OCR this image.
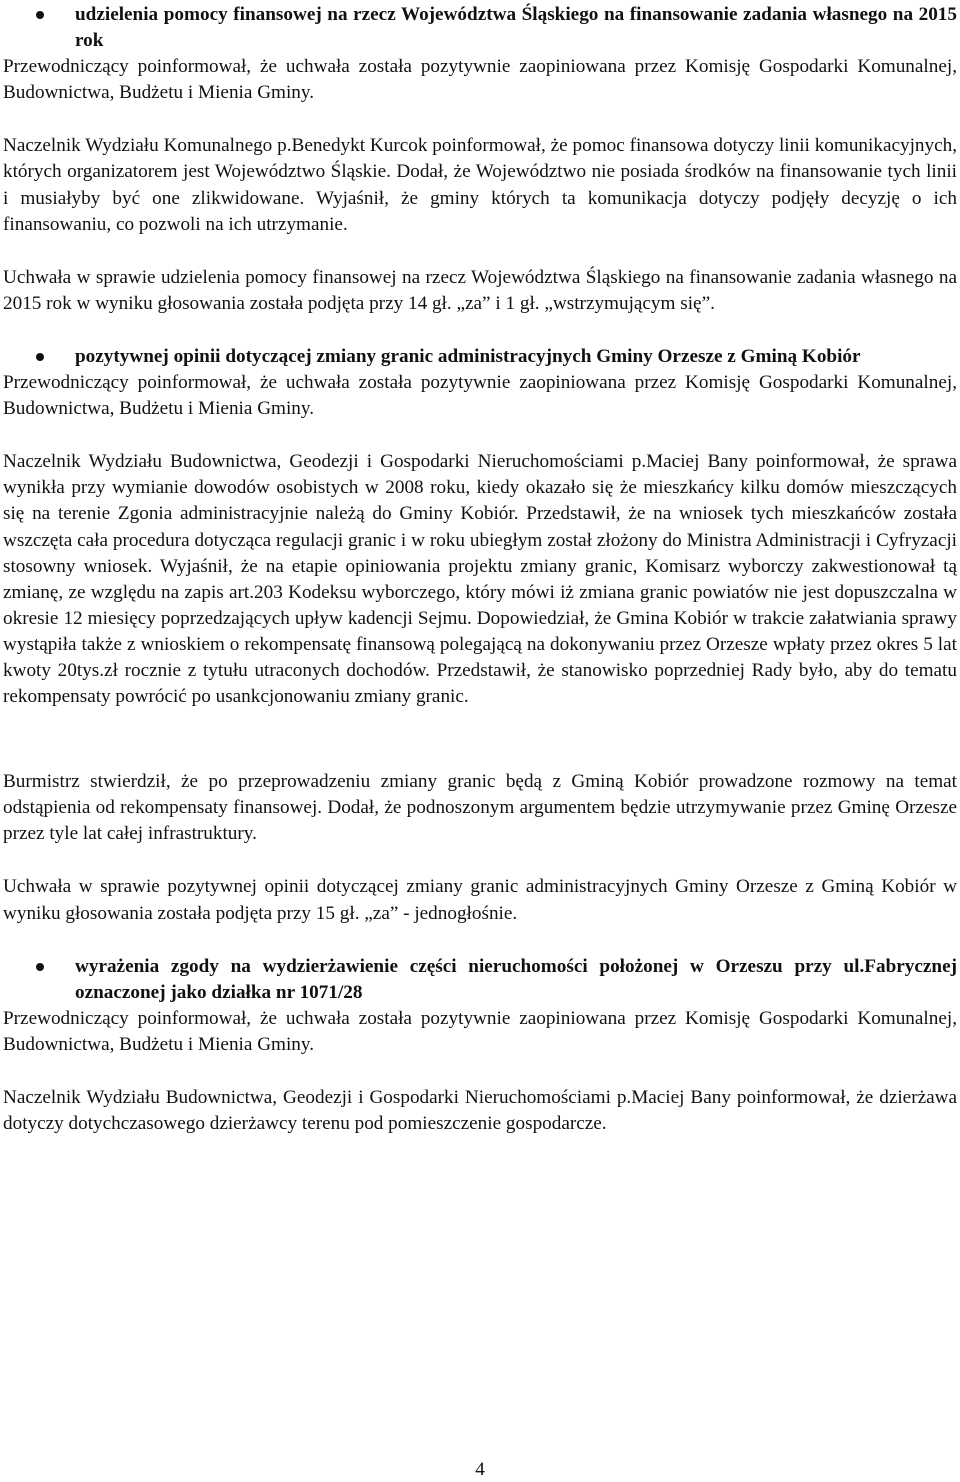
udzielenia pomocy finansowej na rzecz Województwa Śląskiego na finansowanie zadania własnego na 2015 rok

Przewodniczący poinformował, że uchwała została pozytywnie zaopiniowana przez Komisję Gospodarki Komunalnej, Budownictwa, Budżetu i Mienia Gminy.

Naczelnik Wydziału Komunalnego p.Benedykt Kurcok poinformował, że pomoc finansowa dotyczy linii komunikacyjnych, których organizatorem jest Województwo Śląskie. Dodał, że Województwo nie posiada środków na finansowanie tych linii i musiałyby być one zlikwidowane. Wyjaśnił, że gminy których ta komunikacja dotyczy podjęły decyzję o ich finansowaniu, co pozwoli na ich utrzymanie.

Uchwała w sprawie udzielenia pomocy finansowej na rzecz Województwa Śląskiego na finansowanie zadania własnego na 2015 rok w wyniku głosowania została podjęta przy 14 gł. „za” i 1 gł. „wstrzymującym się”.

pozytywnej opinii dotyczącej zmiany granic administracyjnych Gminy Orzesze z Gminą Kobiór

Przewodniczący poinformował, że uchwała została pozytywnie zaopiniowana przez Komisję Gospodarki Komunalnej, Budownictwa, Budżetu i Mienia Gminy.

Naczelnik Wydziału Budownictwa, Geodezji i Gospodarki Nieruchomościami p.Maciej Bany poinformował, że sprawa wynikła przy wymianie dowodów osobistych w 2008 roku, kiedy okazało się że mieszkańcy kilku domów mieszczących się na terenie Zgonia administracyjnie należą do Gminy Kobiór. Przedstawił, że na wniosek tych mieszkańców została wszczęta cała procedura dotycząca regulacji granic i w roku ubiegłym został złożony do Ministra Administracji i Cyfryzacji stosowny wniosek. Wyjaśnił, że na etapie opiniowania projektu zmiany granic, Komisarz wyborczy zakwestionował tą zmianę, ze względu na zapis art.203 Kodeksu wyborczego, który mówi iż zmiana granic powiatów nie jest dopuszczalna w okresie 12 miesięcy poprzedzających upływ kadencji Sejmu. Dopowiedział, że Gmina Kobiór w trakcie załatwiania sprawy wystąpiła także z wnioskiem o rekompensatę finansową polegającą na dokonywaniu przez Orzesze wpłaty przez okres 5 lat kwoty 20tys.zł rocznie z tytułu utraconych dochodów. Przedstawił, że stanowisko poprzedniej Rady było, aby do tematu rekompensaty powrócić po usankcjonowaniu zmiany granic.

Burmistrz stwierdził, że po przeprowadzeniu zmiany granic będą z Gminą Kobiór prowadzone rozmowy na temat odstąpienia od rekompensaty finansowej. Dodał, że podnoszonym argumentem będzie utrzymywanie przez Gminę Orzesze przez tyle lat całej infrastruktury.

Uchwała w sprawie pozytywnej opinii dotyczącej zmiany granic administracyjnych Gminy Orzesze z Gminą Kobiór w wyniku głosowania została podjęta przy 15 gł. „za” - jednogłośnie.

wyrażenia zgody na wydzierżawienie części nieruchomości położonej w Orzeszu przy ul.Fabrycznej oznaczonej jako działka nr 1071/28

Przewodniczący poinformował, że uchwała została pozytywnie zaopiniowana przez Komisję Gospodarki Komunalnej, Budownictwa, Budżetu i Mienia Gminy.

Naczelnik Wydziału Budownictwa, Geodezji i Gospodarki Nieruchomościami p.Maciej Bany poinformował, że dzierżawa dotyczy dotychczasowego dzierżawcy terenu pod pomieszczenie gospodarcze.

4
